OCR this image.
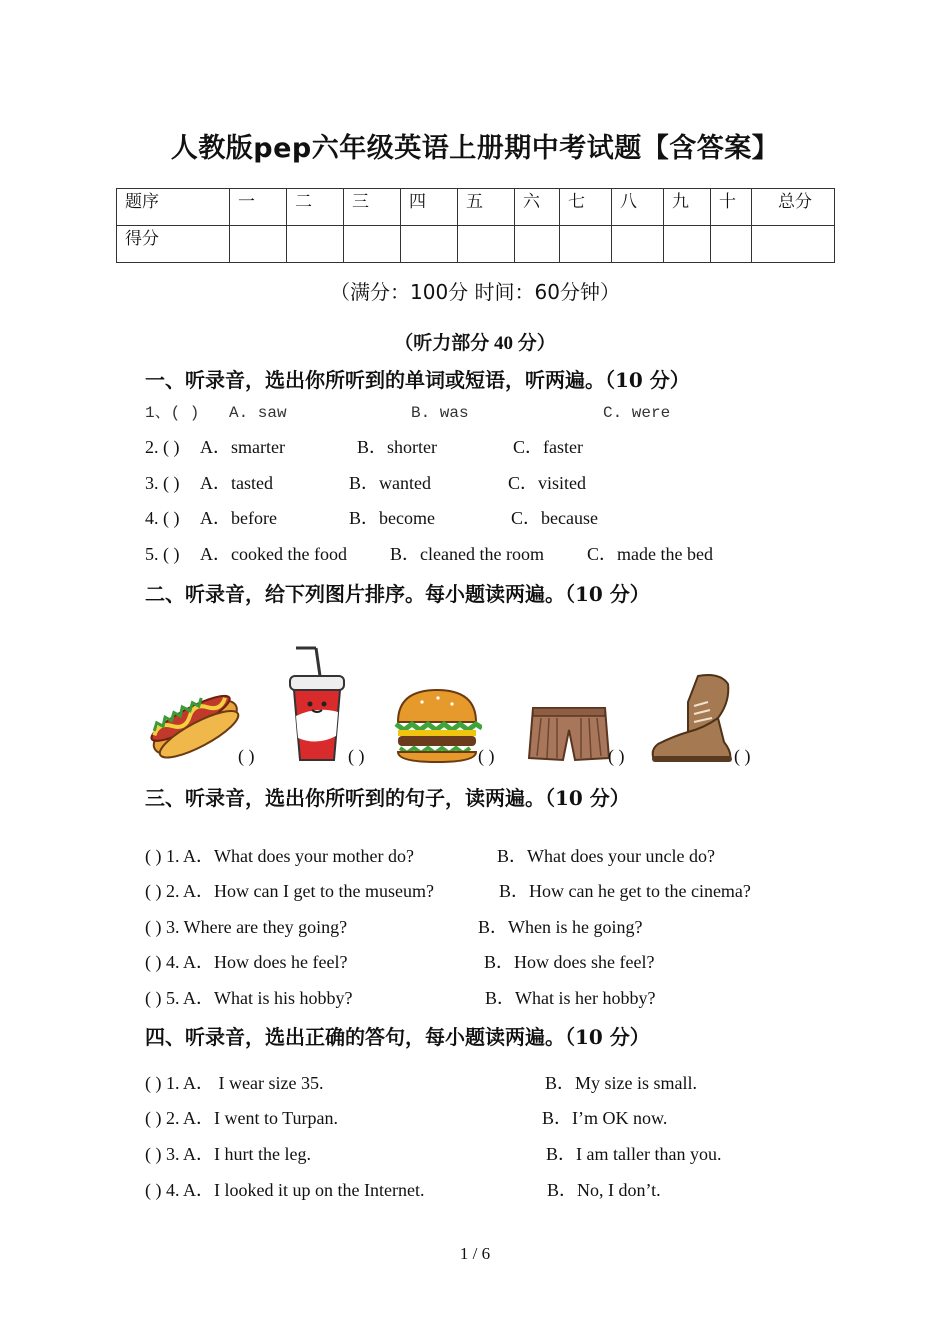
人教版pep六年级英语上册期中考试题【含答案】
题序	一	二	三	四	五	六	七	八	九	十	总分
得分											
（满分：100分 时间：60分钟）
（听力部分 40 分）
一、听录音，选出你所听到的单词或短语，听两遍。（10 分）
1、( ) A. saw	B. was	C. were
2. ( ) A．smarter	B．shorter	C．faster
3. ( ) A．tasted	B．wanted	C．visited
4. ( ) A．before	B．become	C．because
5. ( ) A．cooked the food B．cleaned the room C．made the bed
二、听录音，给下列图片排序。每小题读两遍。（10 分）
( )	( )	( )	( )	( )
三、听录音，选出你所听到的句子，读两遍。（10 分）
( ) 1. A．What does your mother do?	B．What does your uncle do?
( ) 2. A．How can I get to the museum?	B．How can he get to the cinema?
( ) 3. Where are they going?	B．When is he going?
( ) 4. A．How does he feel?	B．How does she feel?
( ) 5. A．What is his hobby?	B．What is her hobby?
四、听录音，选出正确的答句，每小题读两遍。（10 分）
( ) 1. A． I wear size 35.	B．My size is small.
( ) 2. A．I went to Turpan.	B．I’m OK now.
( ) 3. A．I hurt the leg.	B．I am taller than you.
( ) 4. A．I looked it up on the Internet.	B．No, I don’t.
1 / 6
